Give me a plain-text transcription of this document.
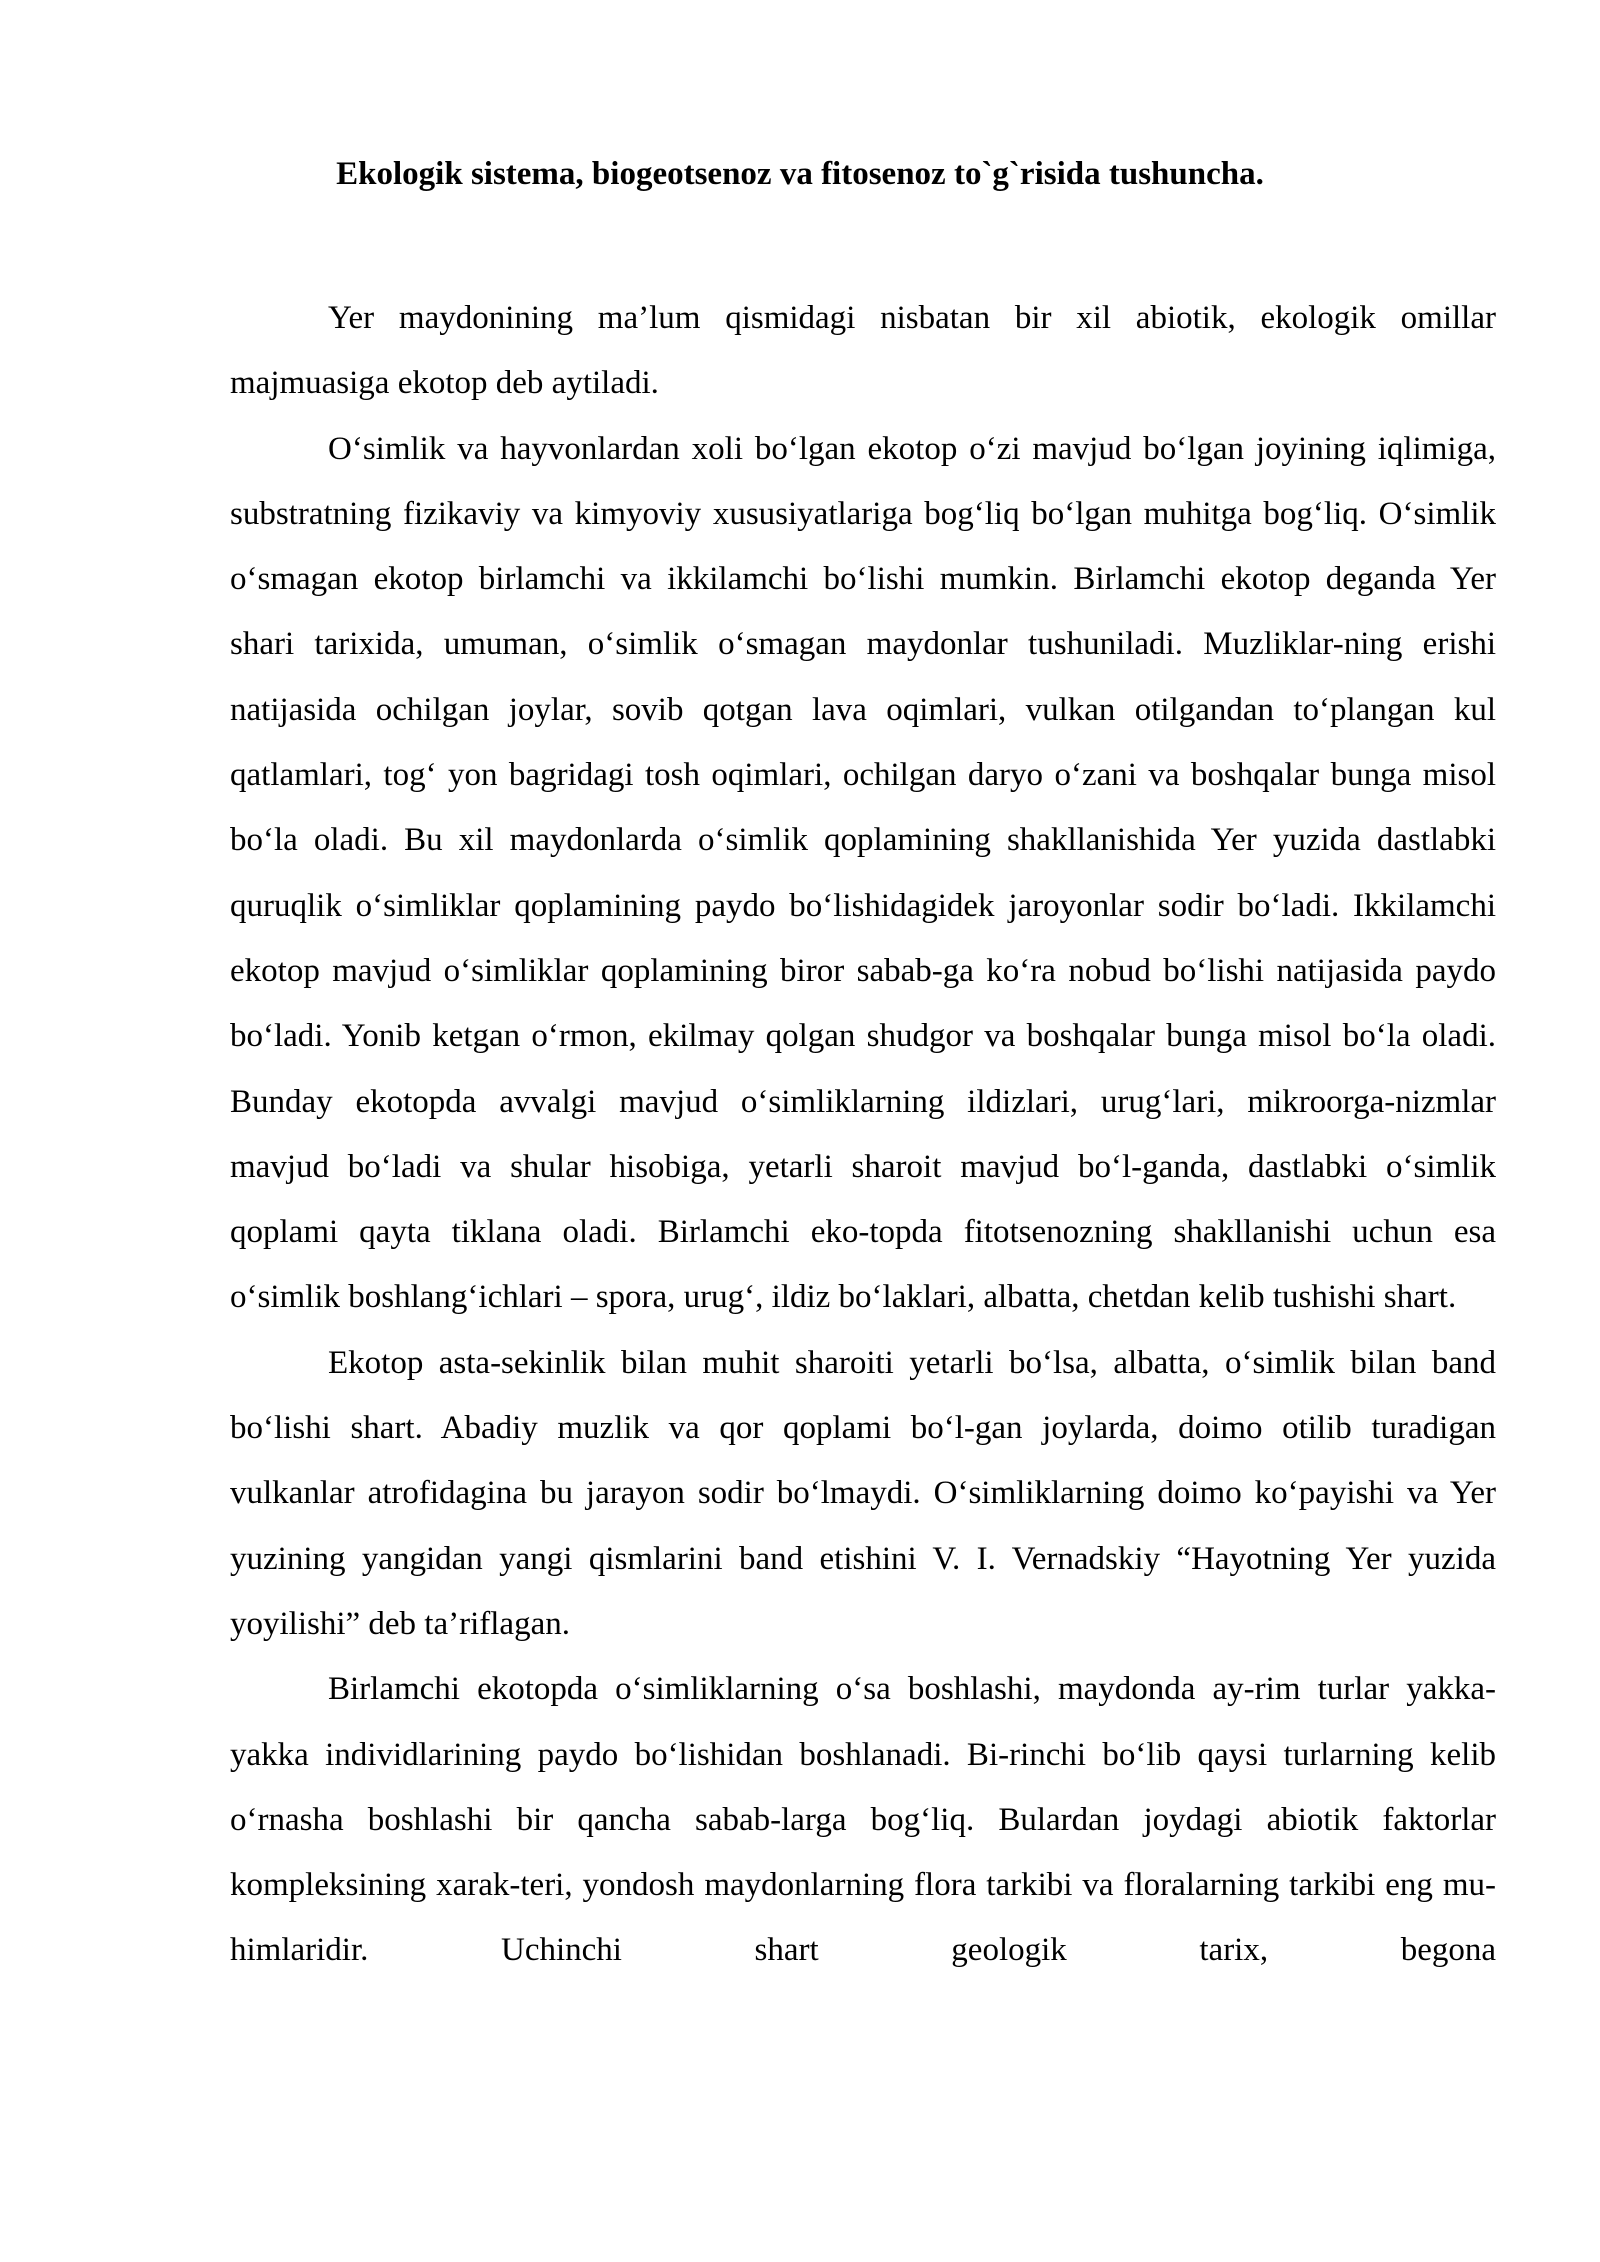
Ekologik sistema, biogeotsenoz va fitosenoz to`g`risida tushuncha.

Yer maydonining ma’lum qismidagi nisbatan bir xil abiotik, ekologik omillar majmuasiga ekotop deb aytiladi.

O‘simlik va hayvonlardan xoli bo‘lgan ekotop o‘zi mavjud bo‘lgan joyining iqlimiga, substratning fizikaviy va kimyoviy xususiyatlariga bog‘liq bo‘lgan muhitga bog‘liq. O‘simlik o‘smagan ekotop birlamchi va ikkilamchi bo‘lishi mumkin. Birlamchi ekotop deganda Yer shari tarixida, umuman, o‘simlik o‘smagan maydonlar tushuniladi. Muzliklar-ning erishi natijasida ochilgan joylar, sovib qotgan lava oqimlari, vulkan otilgandan to‘plangan kul qatlamlari, tog‘ yon bagridagi tosh oqimlari, ochilgan daryo o‘zani va boshqalar bunga misol bo‘la oladi. Bu xil maydonlarda o‘simlik qoplamining shakllanishida Yer yuzida dastlabki quruqlik o‘simliklar qoplamining paydo bo‘lishidagidek jaroyonlar sodir bo‘ladi. Ikkilamchi ekotop mavjud o‘simliklar qoplamining biror sabab-ga ko‘ra nobud bo‘lishi natijasida paydo bo‘ladi. Yonib ketgan o‘rmon, ekilmay qolgan shudgor va boshqalar bunga misol bo‘la oladi. Bunday ekotopda avvalgi mavjud o‘simliklarning ildizlari, urug‘lari, mikroorga-nizmlar mavjud bo‘ladi va shular hisobiga, yetarli sharoit mavjud bo‘l-ganda, dastlabki o‘simlik qoplami qayta tiklana oladi. Birlamchi eko-topda fitotsenozning shakllanishi uchun esa o‘simlik boshlang‘ichlari – spora, urug‘, ildiz bo‘laklari, albatta, chetdan kelib tushishi shart.

Ekotop asta-sekinlik bilan muhit sharoiti yetarli bo‘lsa, albatta, o‘simlik bilan band bo‘lishi shart. Abadiy muzlik va qor qoplami bo‘l-gan joylarda, doimo otilib turadigan vulkanlar atrofidagina bu jarayon sodir bo‘lmaydi. O‘simliklarning doimo ko‘payishi va Yer yuzining yangidan yangi qismlarini band etishini V. I. Vernadskiy “Hayotning Yer yuzida yoyilishi” deb ta’riflagan.

Birlamchi ekotopda o‘simliklarning o‘sa boshlashi, maydonda ay-rim turlar yakka-yakka individlarining paydo bo‘lishidan boshlanadi. Bi-rinchi bo‘lib qaysi turlarning kelib o‘rnasha boshlashi bir qancha sabab-larga bog‘liq. Bulardan joydagi abiotik faktorlar kompleksining xarak-teri, yondosh maydonlarning flora tarkibi va floralarning tarkibi eng mu-himlaridir. Uchinchi shart geologik tarix, begona
